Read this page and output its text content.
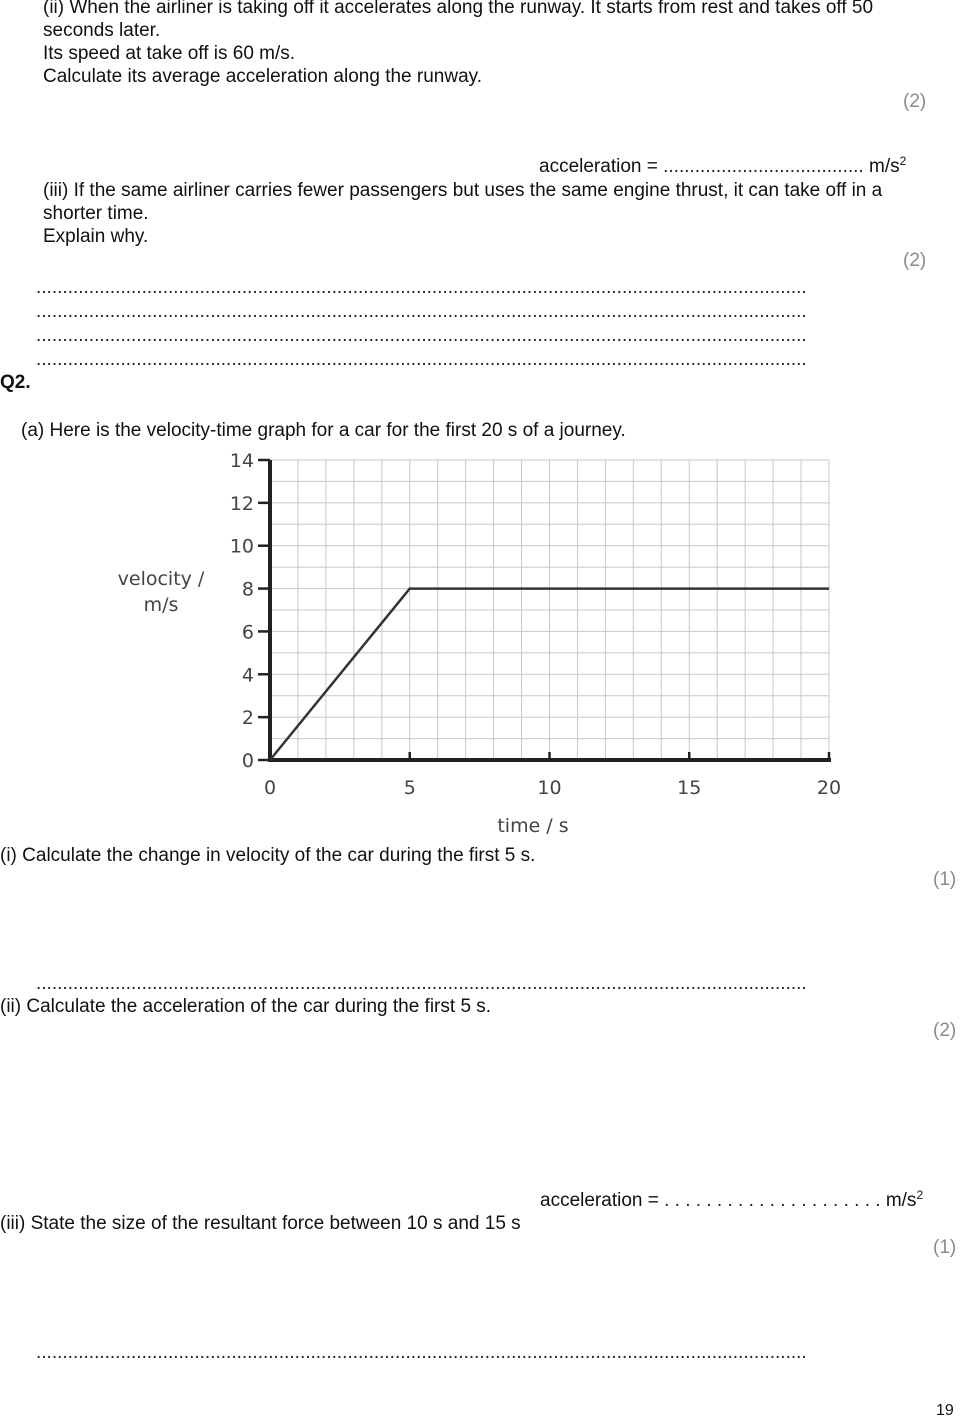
(ii) When the airliner is taking off it accelerates along the runway. It starts from rest and takes off 50
seconds later.
Its speed at take off is 60 m/s.
Calculate its average acceleration along the runway.
(2)
acceleration = ...................................... $m/s^2$
(iii) If the same airliner carries fewer passengers but uses the same engine thrust, it can take off in a
shorter time.
Explain why.
(2)
..................................................................................................................................................
..................................................................................................................................................
..................................................................................................................................................
..................................................................................................................................................
Q2.
(a) Here is the velocity-time graph for a car for the first 20 s of a journey.
0	5	10	15	20
0
2
4
6
8
10
12
14
velocity /
m/s
time / s
(i) Calculate the change in velocity of the car during the first 5 s.
(1)
..................................................................................................................................................
(ii) Calculate the acceleration of the car during the first 5 s.
(2)
acceleration = . . . . . . . . . . . . . . . . . . . . . $m/s^2$
(iii) State the size of the resultant force between 10 s and 15 s
(1)
..................................................................................................................................................
19
